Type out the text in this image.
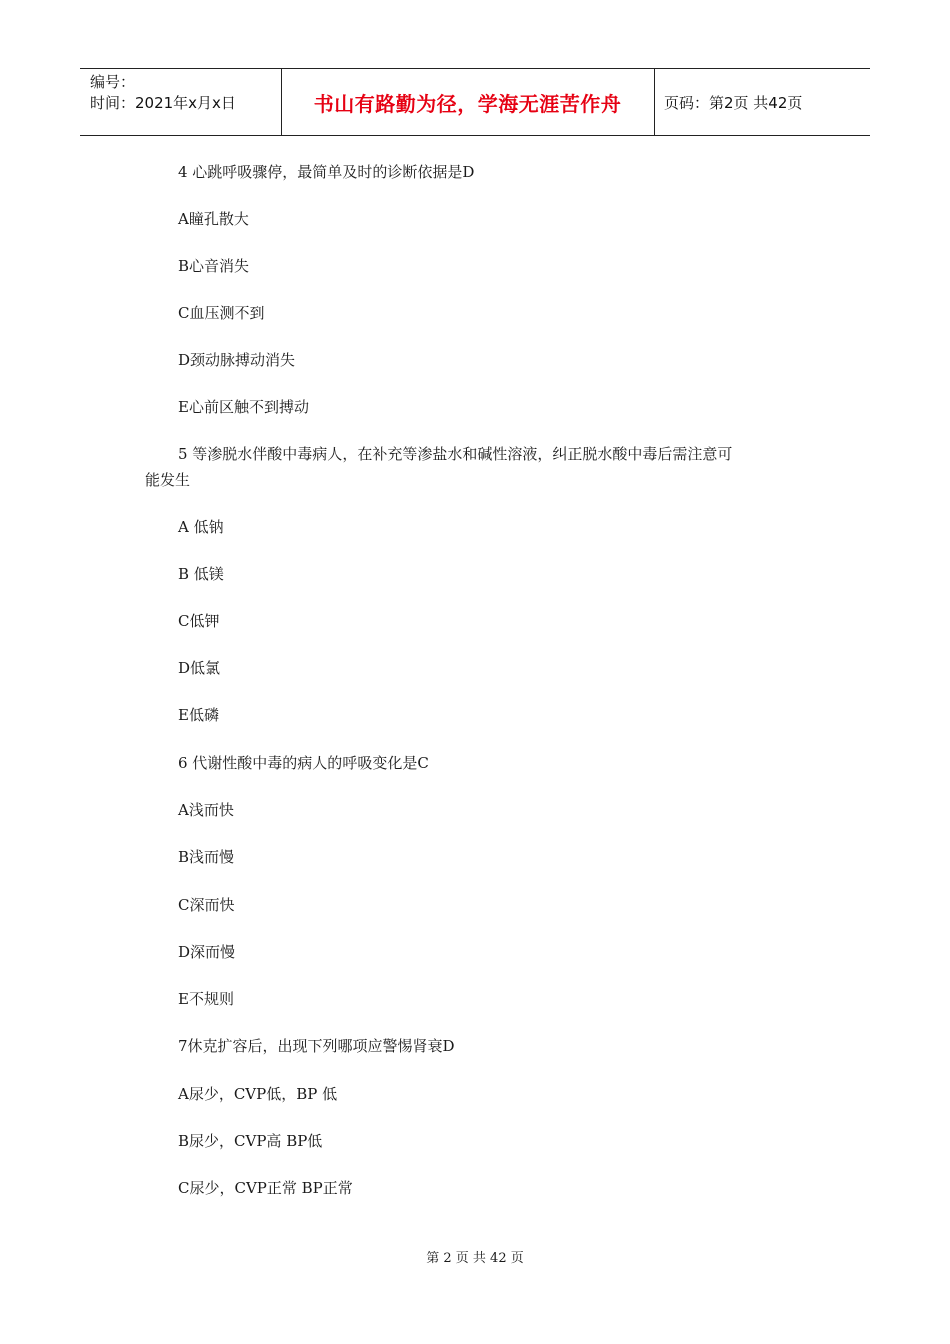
编号：
时间：2021年x月x日	书山有路勤为径，学海无涯苦作舟	页码：第2页 共42页
4 心跳呼吸骤停，最简单及时的诊断依据是D
A瞳孔散大
B心音消失
C血压测不到
D颈动脉搏动消失
E心前区触不到搏动
5 等渗脱水伴酸中毒病人，在补充等渗盐水和碱性溶液，纠正脱水酸中毒后需注意可
能发生
A 低钠
B 低镁
C低钾
D低氯
E低磷
6 代谢性酸中毒的病人的呼吸变化是C
A浅而快
B浅而慢
C深而快
D深而慢
E不规则
7休克扩容后，出现下列哪项应警惕肾衰D
A尿少，CVP低，BP 低
B尿少，CVP高 BP低
C尿少，CVP正常 BP正常
第 2 页 共 42 页
